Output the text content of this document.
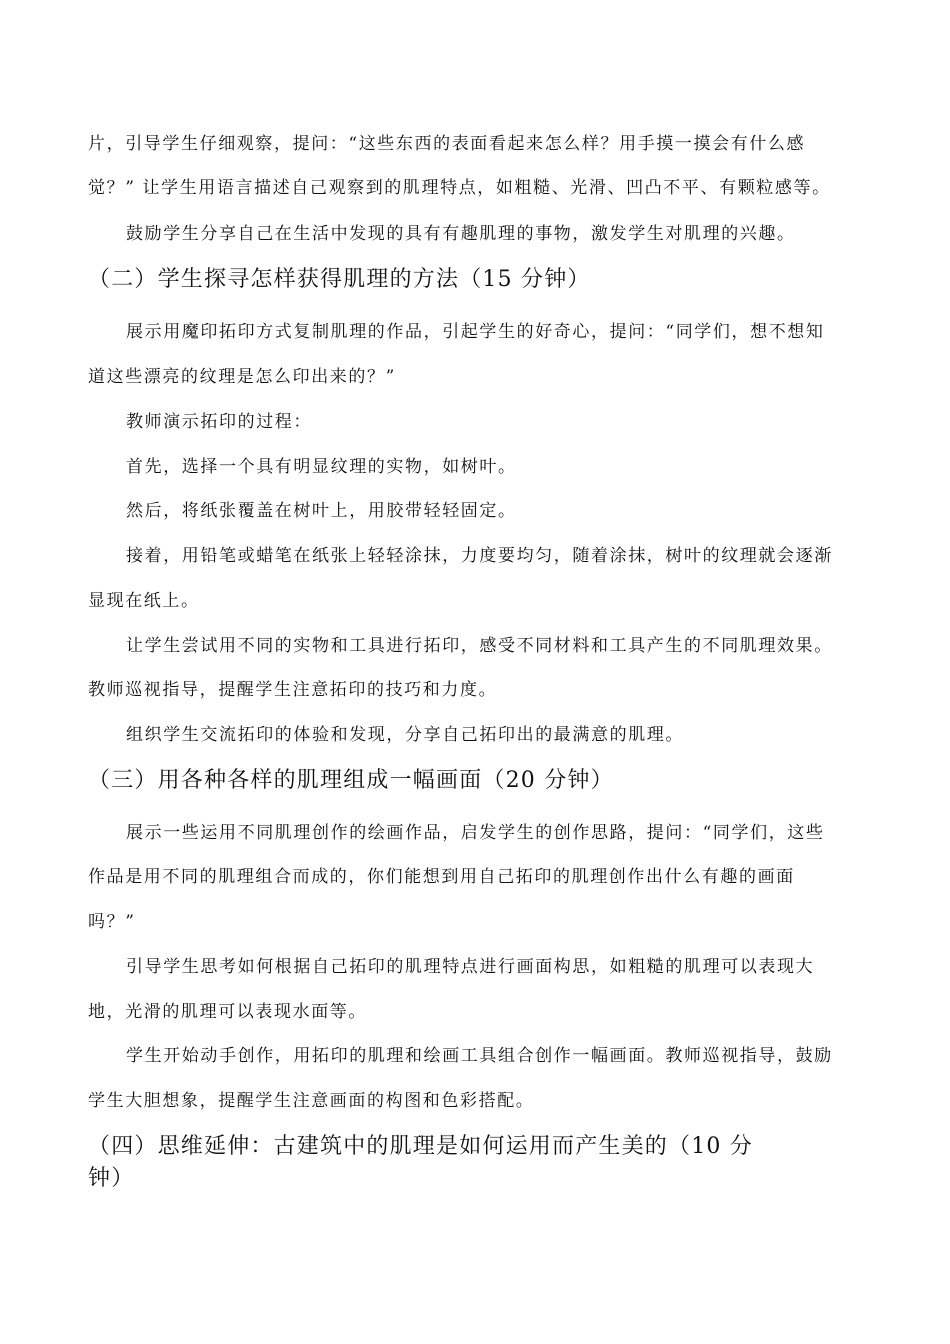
片，引导学生仔细观察，提问：“这些东西的表面看起来怎么样？用手摸一摸会有什么感
觉？” 让学生用语言描述自己观察到的肌理特点，如粗糙、光滑、凹凸不平、有颗粒感等。
鼓励学生分享自己在生活中发现的具有有趣肌理的事物，激发学生对肌理的兴趣。
（二）学生探寻怎样获得肌理的方法（15 分钟）
展示用魔印拓印方式复制肌理的作品，引起学生的好奇心，提问：“同学们，想不想知
道这些漂亮的纹理是怎么印出来的？”
教师演示拓印的过程：
首先，选择一个具有明显纹理的实物，如树叶。
然后，将纸张覆盖在树叶上，用胶带轻轻固定。
接着，用铅笔或蜡笔在纸张上轻轻涂抹，力度要均匀，随着涂抹，树叶的纹理就会逐渐
显现在纸上。
让学生尝试用不同的实物和工具进行拓印，感受不同材料和工具产生的不同肌理效果。
教师巡视指导，提醒学生注意拓印的技巧和力度。
组织学生交流拓印的体验和发现，分享自己拓印出的最满意的肌理。
（三）用各种各样的肌理组成一幅画面（20 分钟）
展示一些运用不同肌理创作的绘画作品，启发学生的创作思路，提问：“同学们，这些
作品是用不同的肌理组合而成的，你们能想到用自己拓印的肌理创作出什么有趣的画面
吗？”
引导学生思考如何根据自己拓印的肌理特点进行画面构思，如粗糙的肌理可以表现大
地，光滑的肌理可以表现水面等。
学生开始动手创作，用拓印的肌理和绘画工具组合创作一幅画面。教师巡视指导，鼓励
学生大胆想象，提醒学生注意画面的构图和色彩搭配。
（四）思维延伸：古建筑中的肌理是如何运用而产生美的（10 分
钟）
